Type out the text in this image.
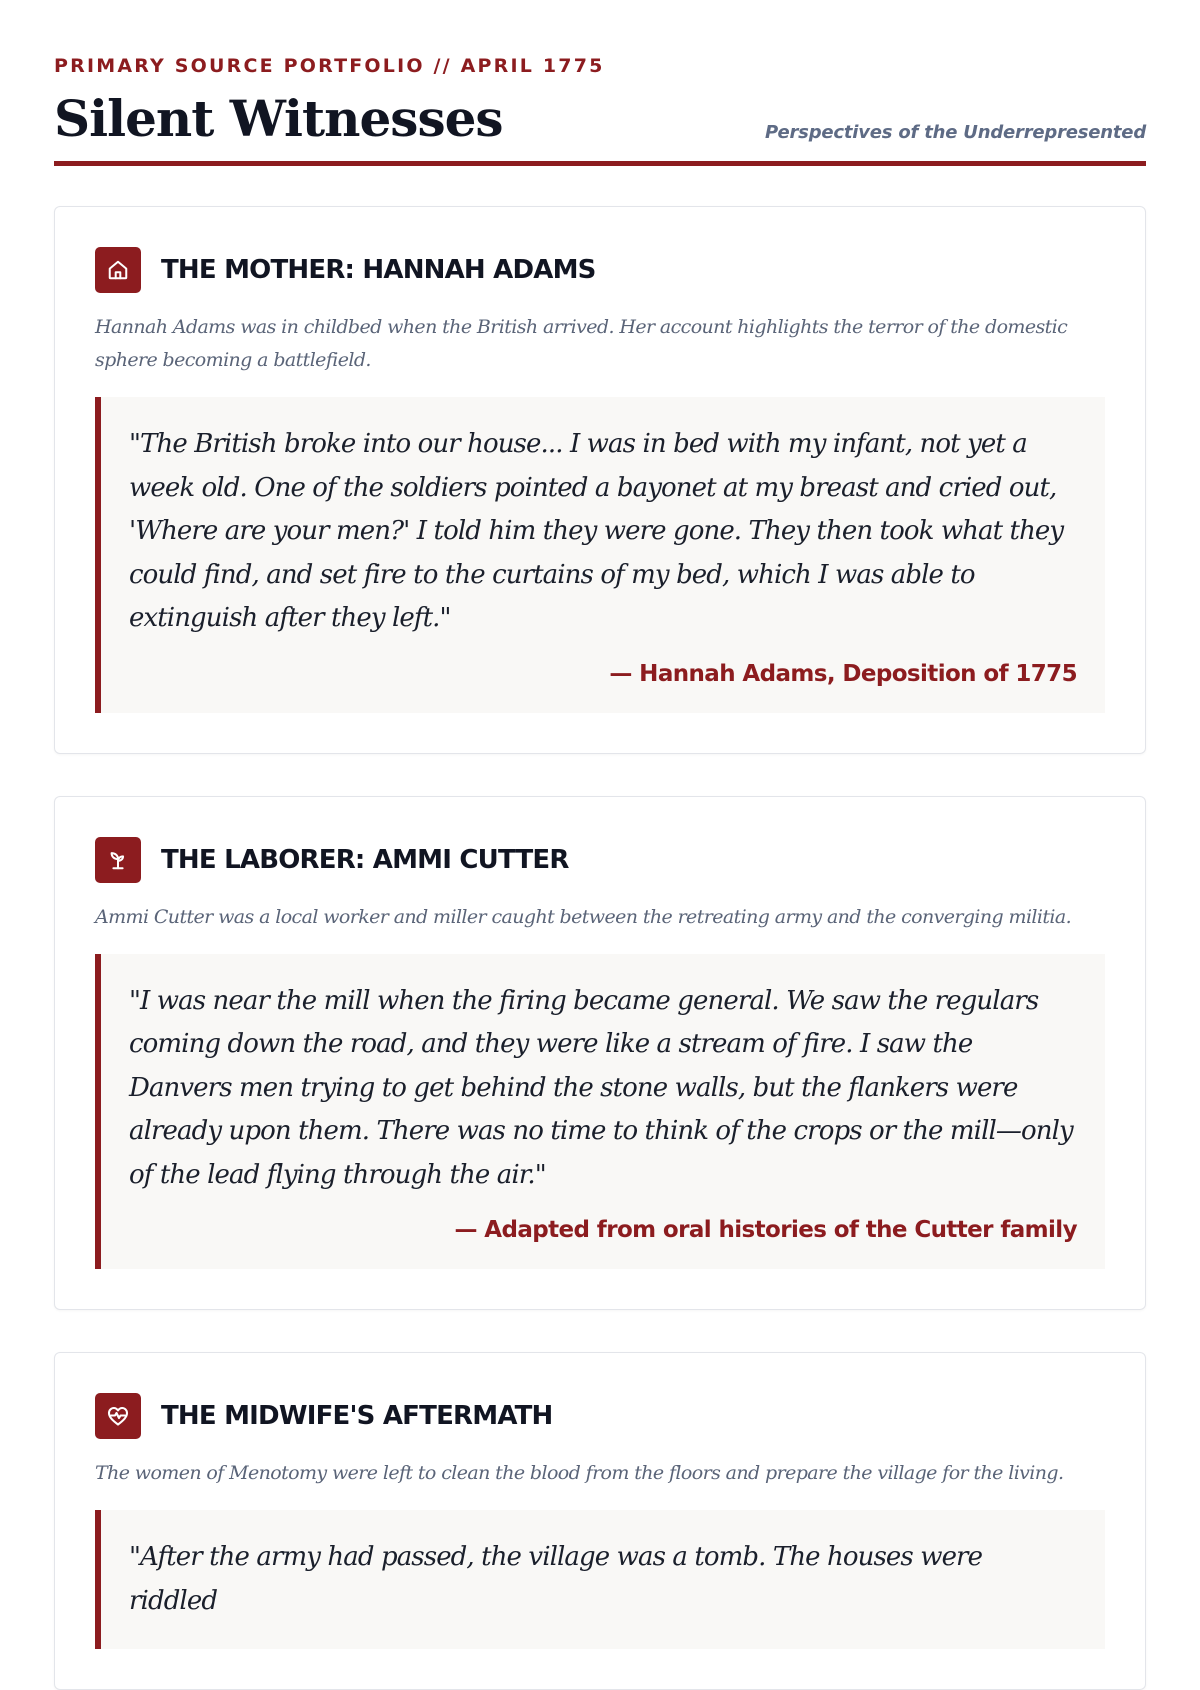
PRIMARY SOURCE PORTFOLIO // APRIL 1775
Silent Witnesses	Perspectives of the Underrepresented
THE MOTHER: HANNAH ADAMS

Hannah Adams was in childbed when the British arrived. Her account highlights the terror of the domestic sphere becoming a battlefield.

"The British broke into our house... I was in bed with my infant, not yet a week old. One of the soldiers pointed a bayonet at my breast and cried out, 'Where are your men?' I told him they were gone. They then took what they could find, and set fire to the curtains of my bed, which I was able to extinguish after they left."

— Hannah Adams, Deposition of 1775
THE LABORER: AMMI CUTTER

Ammi Cutter was a local worker and miller caught between the retreating army and the converging militia.

"I was near the mill when the firing became general. We saw the regulars coming down the road, and they were like a stream of fire. I saw the Danvers men trying to get behind the stone walls, but the flankers were already upon them. There was no time to think of the crops or the mill—only of the lead flying through the air."

— Adapted from oral histories of the Cutter family
THE MIDWIFE'S AFTERMATH

The women of Menotomy were left to clean the blood from the floors and prepare the village for the living.

"After the army had passed, the village was a tomb. The houses were riddled
